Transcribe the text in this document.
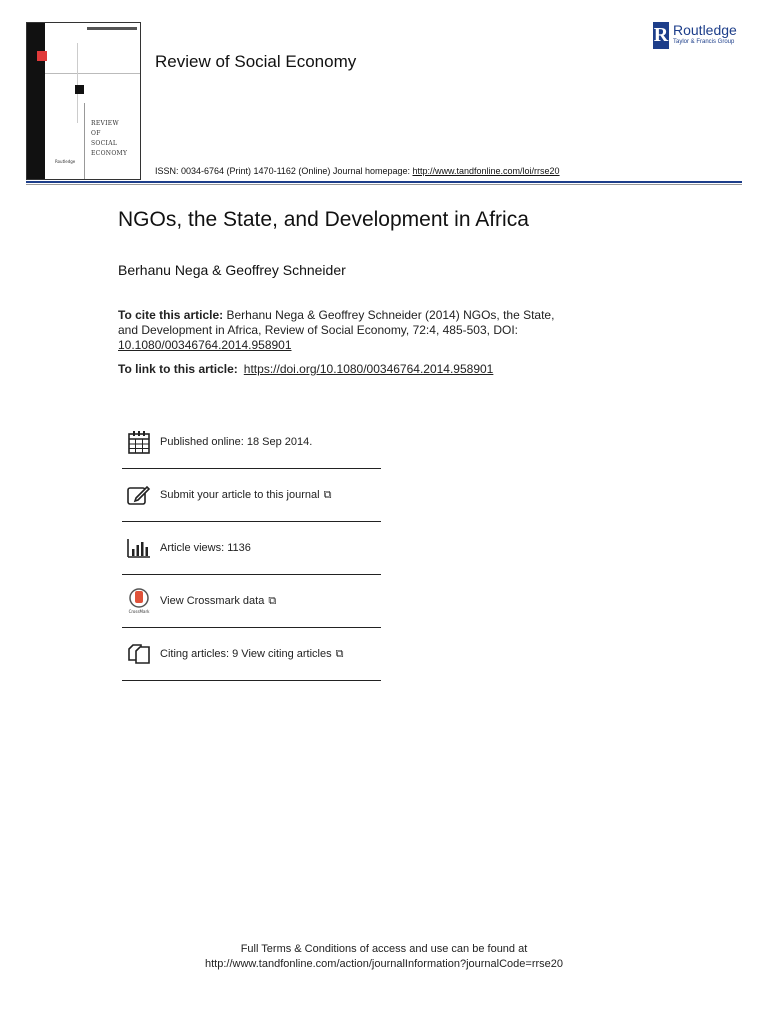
REVIEW
OF
SOCIAL
ECONOMY
Routledge
Review of Social Economy
ISSN: 0034-6764 (Print) 1470-1162 (Online) Journal homepage: http://www.tandfonline.com/loi/rrse20
R Routledge
Taylor & Francis Group
NGOs, the State, and Development in Africa
Berhanu Nega & Geoffrey Schneider
To cite this article: Berhanu Nega & Geoffrey Schneider (2014) NGOs, the State, and Development in Africa, Review of Social Economy, 72:4, 485-503, DOI: 10.1080/00346764.2014.958901
To link to this article: https://doi.org/10.1080/00346764.2014.958901
Published online: 18 Sep 2014.
Submit your article to this journal ⧉
Article views: 1136
CrossMark
View Crossmark data ⧉
Citing articles: 9 View citing articles ⧉
Full Terms & Conditions of access and use can be found at
http://www.tandfonline.com/action/journalInformation?journalCode=rrse20
